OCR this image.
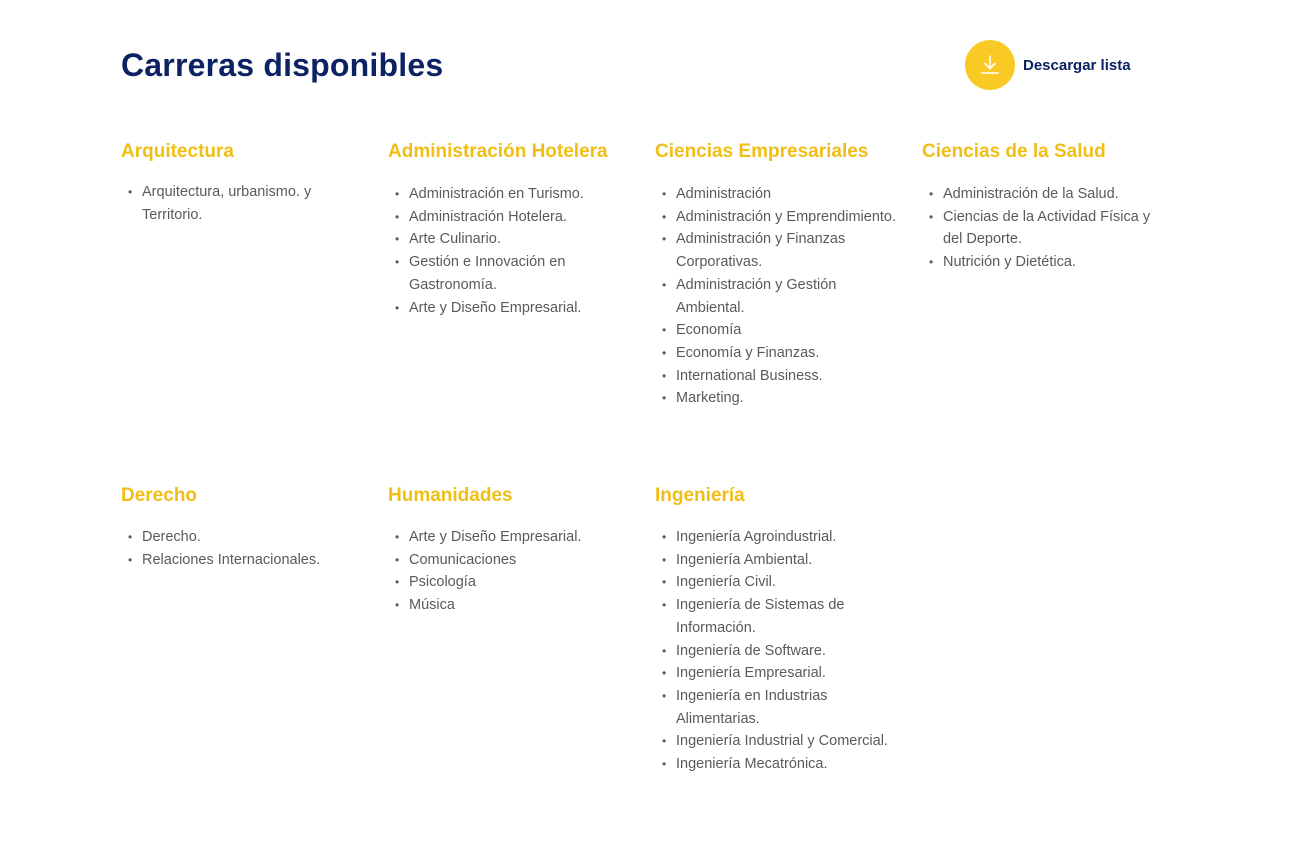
Carreras disponibles	Descargar lista
Arquitectura
• Arquitectura, urbanismo. y Territorio.
Administración Hotelera
• Administración en Turismo.
• Administración Hotelera.
• Arte Culinario.
• Gestión e Innovación en Gastronomía.
• Arte y Diseño Empresarial.
Ciencias Empresariales
• Administración
• Administración y Emprendimiento.
• Administración y Finanzas Corporativas.
• Administración y Gestión Ambiental.
• Economía
• Economía y Finanzas.
• International Business.
• Marketing.
Ciencias de la Salud
• Administración de la Salud.
• Ciencias de la Actividad Física y del Deporte.
• Nutrición y Dietética.
Derecho
• Derecho.
• Relaciones Internacionales.
Humanidades
• Arte y Diseño Empresarial.
• Comunicaciones
• Psicología
• Música
Ingeniería
• Ingeniería Agroindustrial.
• Ingeniería Ambiental.
• Ingeniería Civil.
• Ingeniería de Sistemas de Información.
• Ingeniería de Software.
• Ingeniería Empresarial.
• Ingeniería en Industrias Alimentarias.
• Ingeniería Industrial y Comercial.
• Ingeniería Mecatrónica.
